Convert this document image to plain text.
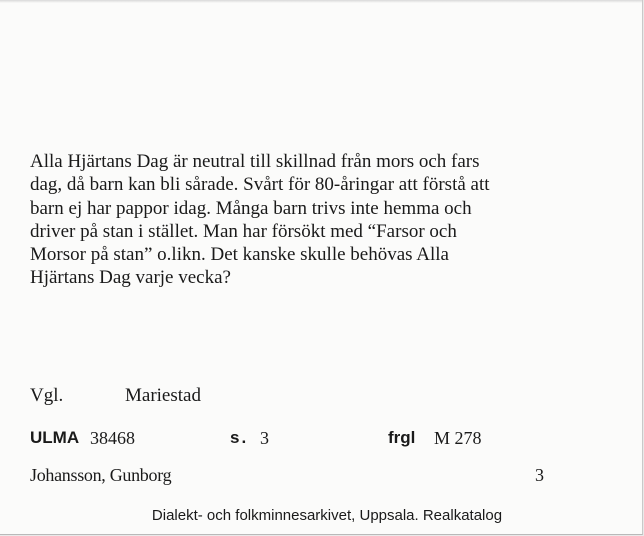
Alla Hjärtans Dag är neutral till skillnad från mors och fars
dag, då barn kan bli sårade. Svårt för 80-åringar att förstå att
barn ej har pappor idag. Många barn trivs inte hemma och
driver på stan i stället. Man har försökt med “Farsor och
Morsor på stan” o.likn. Det kanske skulle behövas Alla
Hjärtans Dag varje vecka?

Vgl.	Mariestad
ULMA 38468	s. 3	frgl M 278
Johansson, Gunborg	3
Dialekt- och folkminnesarkivet, Uppsala. Realkatalog
